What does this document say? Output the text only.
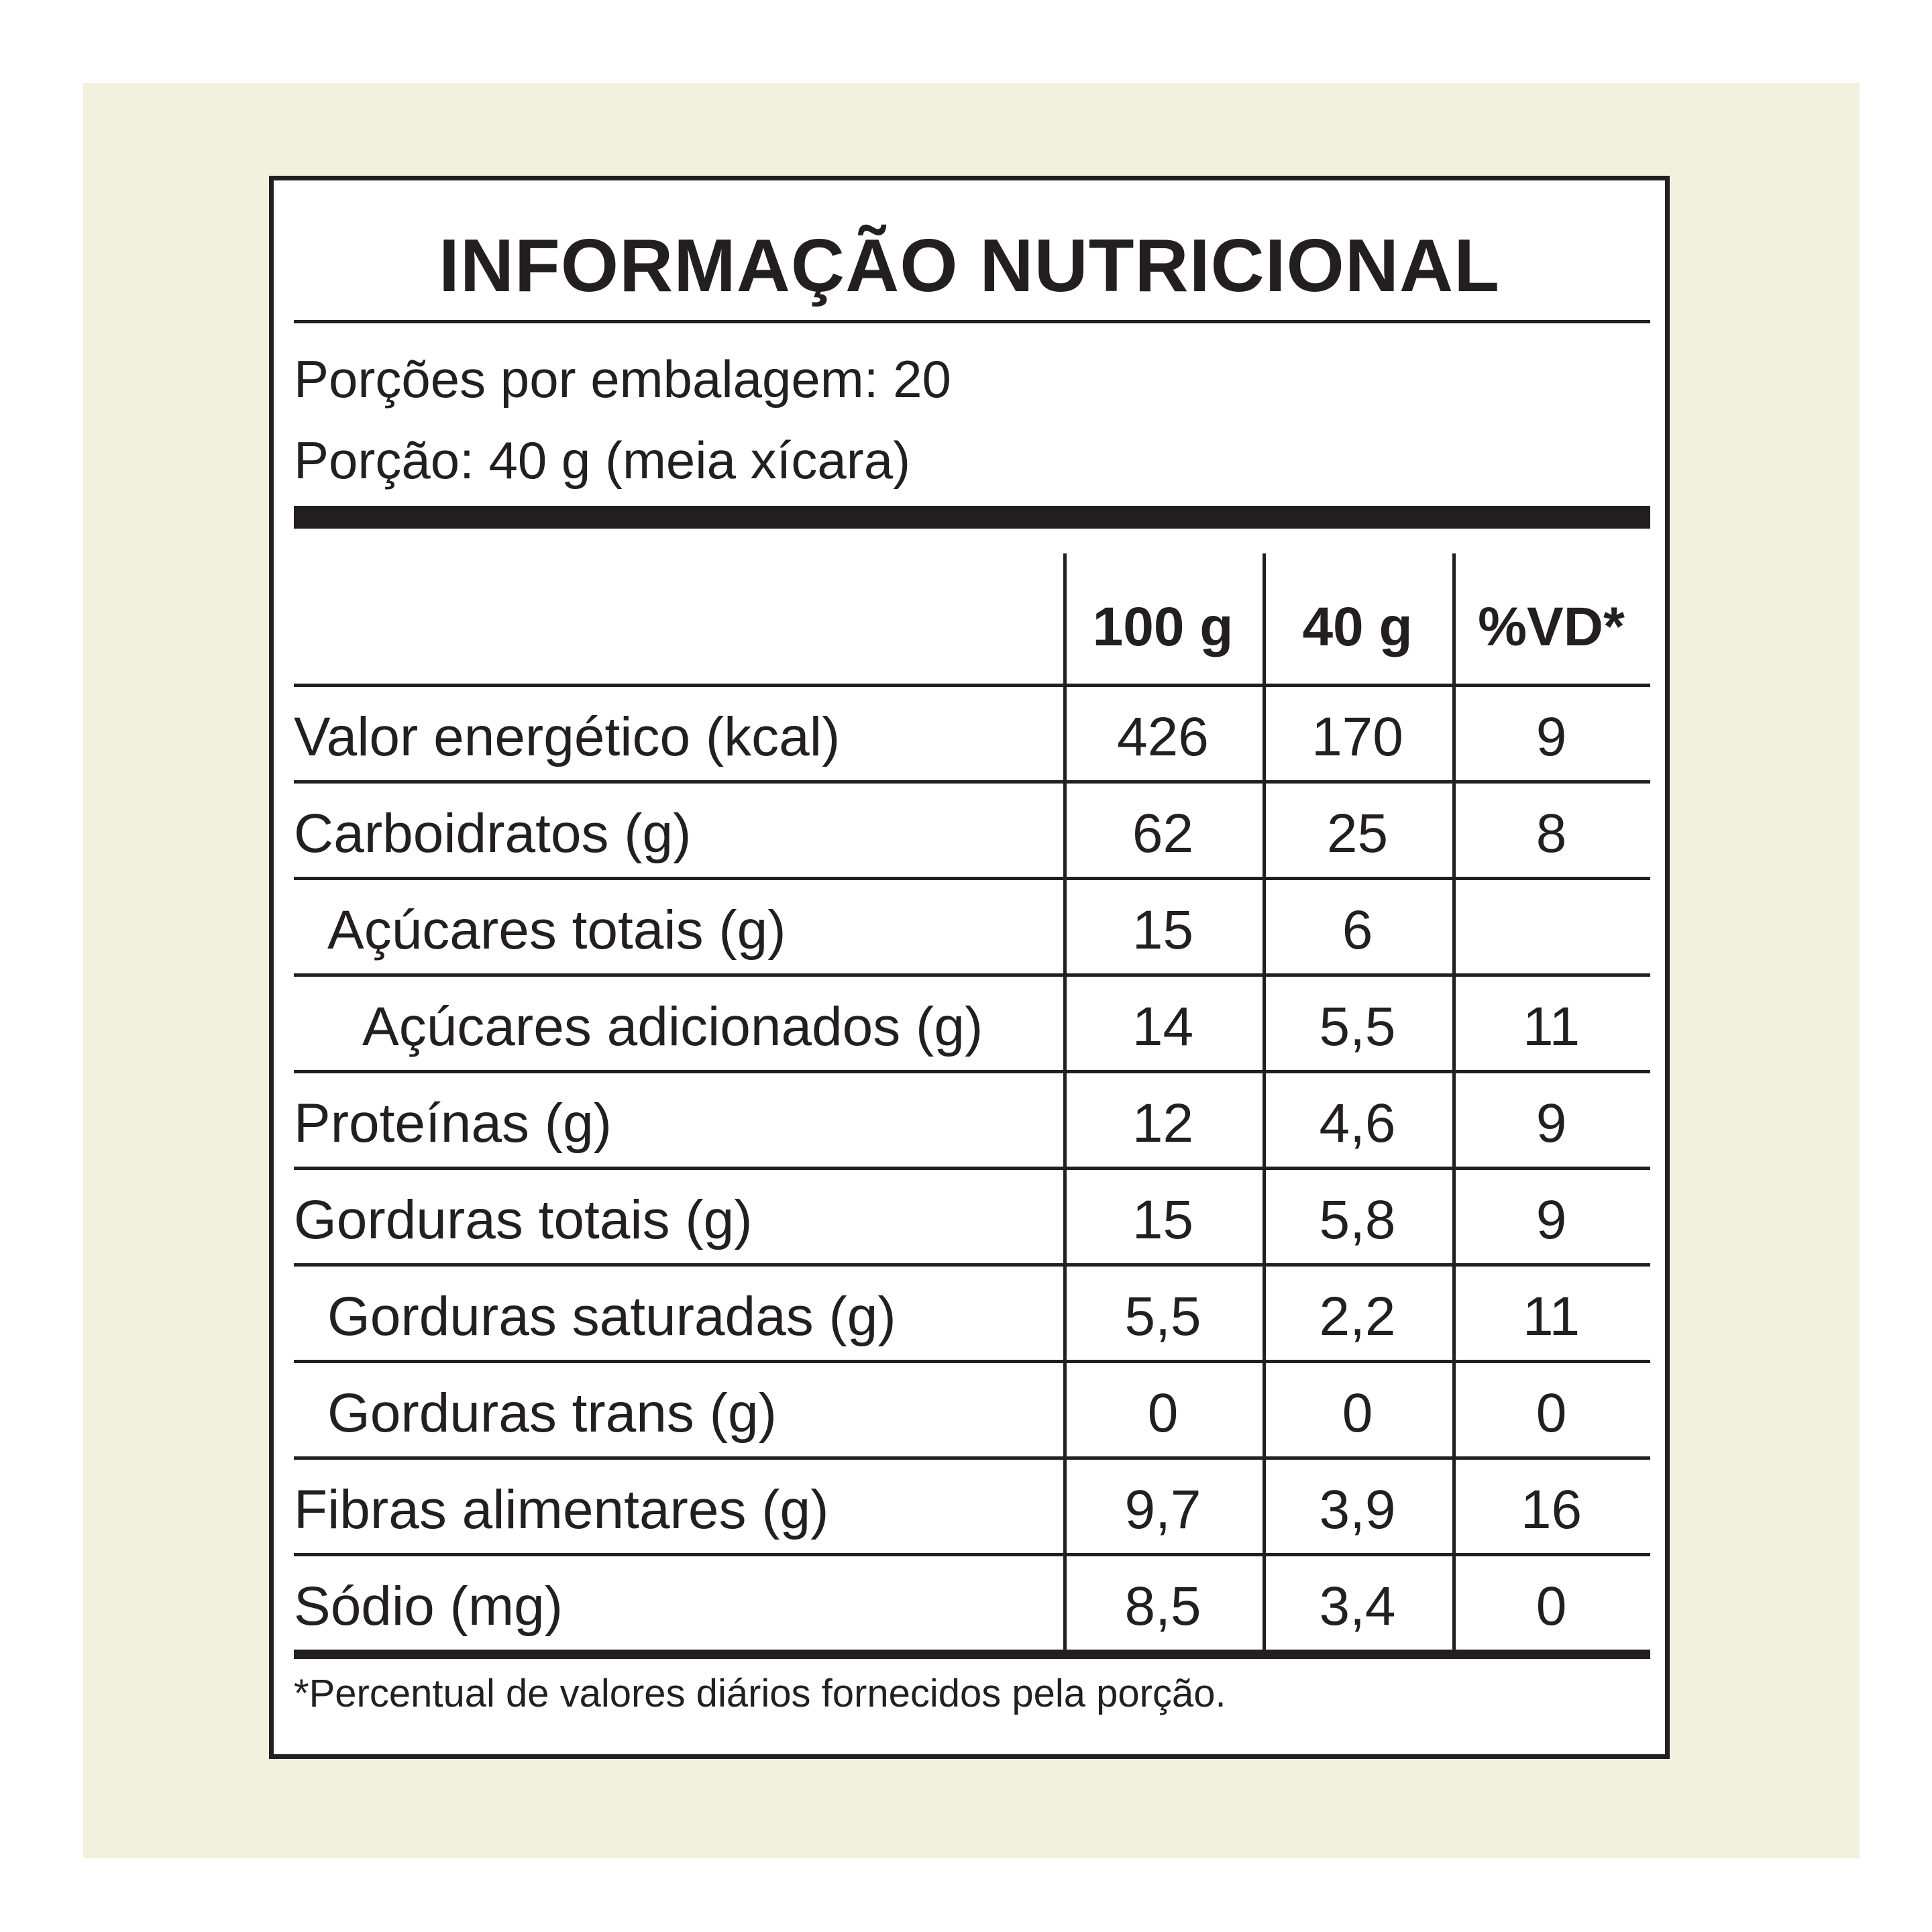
INFORMAÇÃO NUTRICIONAL
Porções por embalagem: 20
Porção: 40 g (meia xícara)
100 g	40 g	%VD*
Valor energético (kcal)	426	170	9
Carboidratos (g)	62	25	8
Açúcares totais (g)	15	6
Açúcares adicionados (g)	14	5,5	11
Proteínas (g)	12	4,6	9
Gorduras totais (g)	15	5,8	9
Gorduras saturadas (g)	5,5	2,2	11
Gorduras trans (g)	0	0	0
Fibras alimentares (g)	9,7	3,9	16
Sódio (mg)	8,5	3,4	0
*Percentual de valores diários fornecidos pela porção.
